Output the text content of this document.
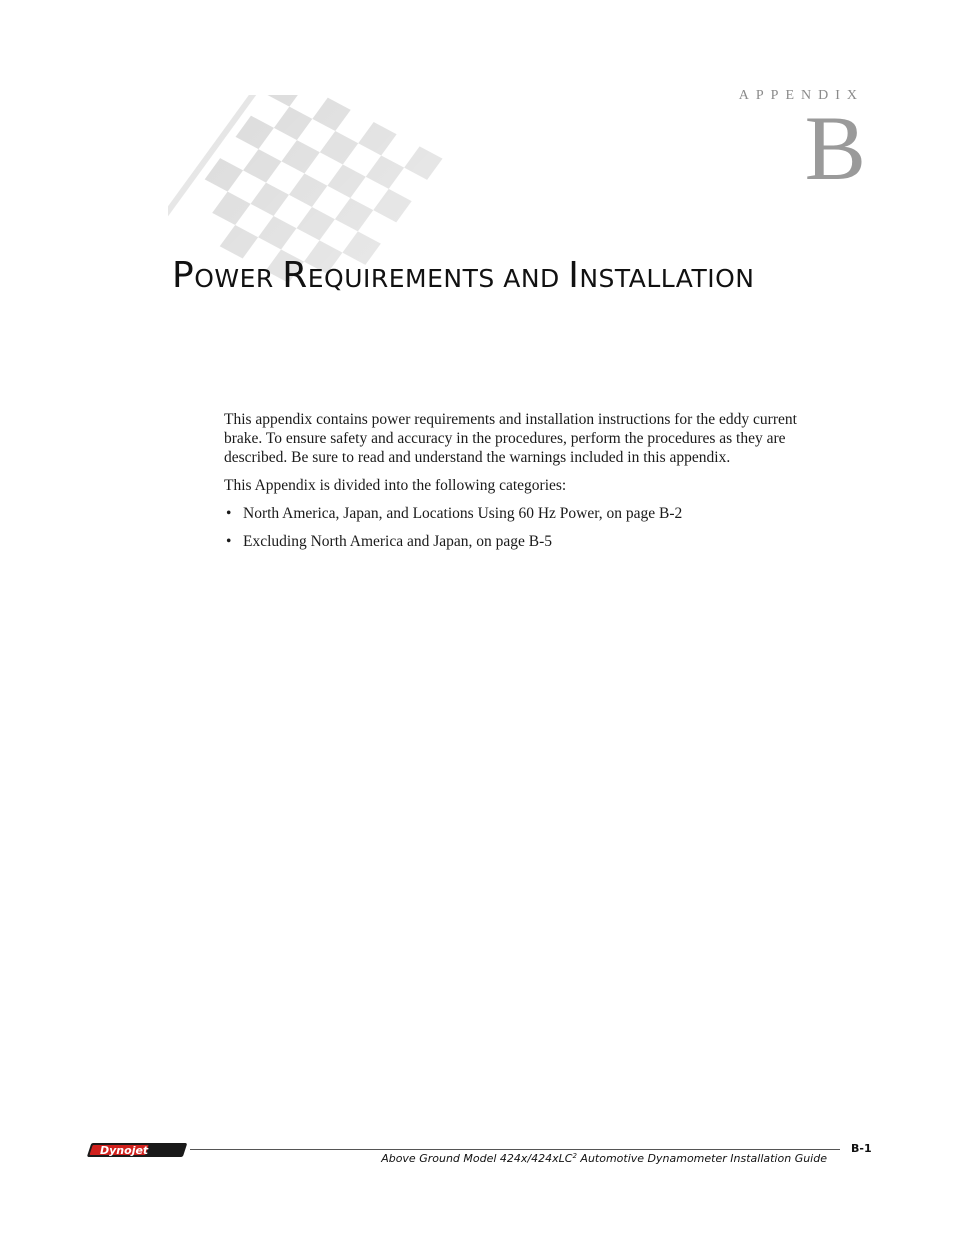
appendix
B
POWER REQUIREMENTS AND INSTALLATION

This appendix contains power requirements and installation instructions for the eddy current brake. To ensure safety and accuracy in the procedures, perform the procedures as they are described. Be sure to read and understand the warnings included in this appendix.

This Appendix is divided into the following categories:

• North America, Japan, and Locations Using 60 Hz Power, on page B-2
• Excluding North America and Japan, on page B-5
Dynojet	B-1
Above Ground Model 424x/424xLC$^2$ Automotive Dynamometer Installation Guide
